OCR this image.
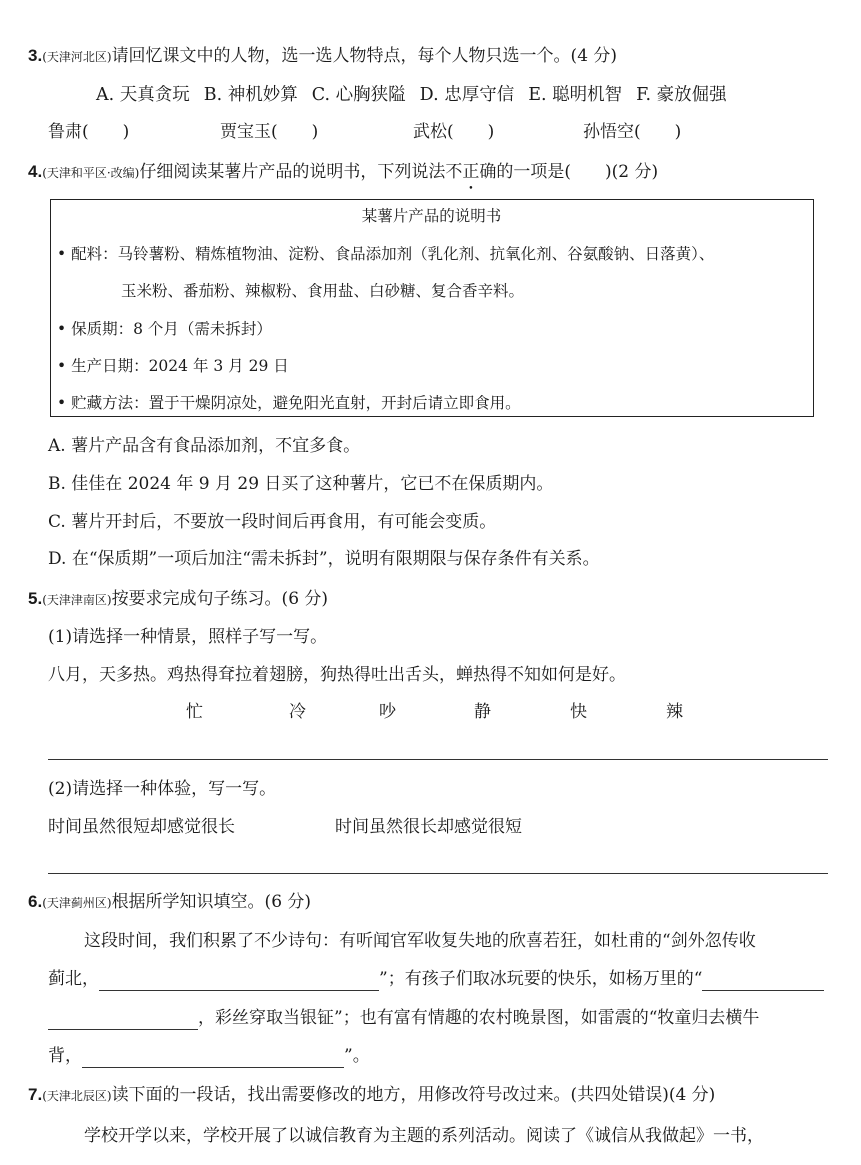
3.(天津河北区)请回忆课文中的人物，选一选人物特点，每个人物只选一个。(4 分)
A. 天真贪玩 B. 神机妙算 C. 心胸狭隘 D. 忠厚守信 E. 聪明机智 F. 豪放倔强
鲁肃(　　)	贾宝玉(　　)	武松(　　)	孙悟空(　　)
4.(天津和平区·改编)仔细阅读某薯片产品的说明书，下列说法不正确的一项是(　　)(2 分)
某薯片产品的说明书
• 配料：马铃薯粉、精炼植物油、淀粉、食品添加剂（乳化剂、抗氧化剂、谷氨酸钠、日落黄）、
玉米粉、番茄粉、辣椒粉、食用盐、白砂糖、复合香辛料。
• 保质期：8 个月（需未拆封）
• 生产日期：2024 年 3 月 29 日
• 贮藏方法：置于干燥阴凉处，避免阳光直射，开封后请立即食用。
A. 薯片产品含有食品添加剂，不宜多食。
B. 佳佳在 2024 年 9 月 29 日买了这种薯片，它已不在保质期内。
C. 薯片开封后，不要放一段时间后再食用，有可能会变质。
D. 在“保质期”一项后加注“需未拆封”，说明有限期限与保存条件有关系。
5.(天津津南区)按要求完成句子练习。(6 分)
(1)请选择一种情景，照样子写一写。
八月，天多热。鸡热得耷拉着翅膀，狗热得吐出舌头，蝉热得不知如何是好。
忙	冷	吵	静	快	辣
(2)请选择一种体验，写一写。
时间虽然很短却感觉很长	时间虽然很长却感觉很短
6.(天津蓟州区)根据所学知识填空。(6 分)
这段时间，我们积累了不少诗句：有听闻官军收复失地的欣喜若狂，如杜甫的“剑外忽传收
蓟北，	”；有孩子们取冰玩要的快乐，如杨万里的“
，彩丝穿取当银钲”；也有富有情趣的农村晚景图，如雷震的“牧童归去横牛
背，	”。
7.(天津北辰区)读下面的一段话，找出需要修改的地方，用修改符号改过来。(共四处错误)(4 分)
学校开学以来，学校开展了以诚信教育为主题的系列活动。阅读了《诚信从我做起》一书，
